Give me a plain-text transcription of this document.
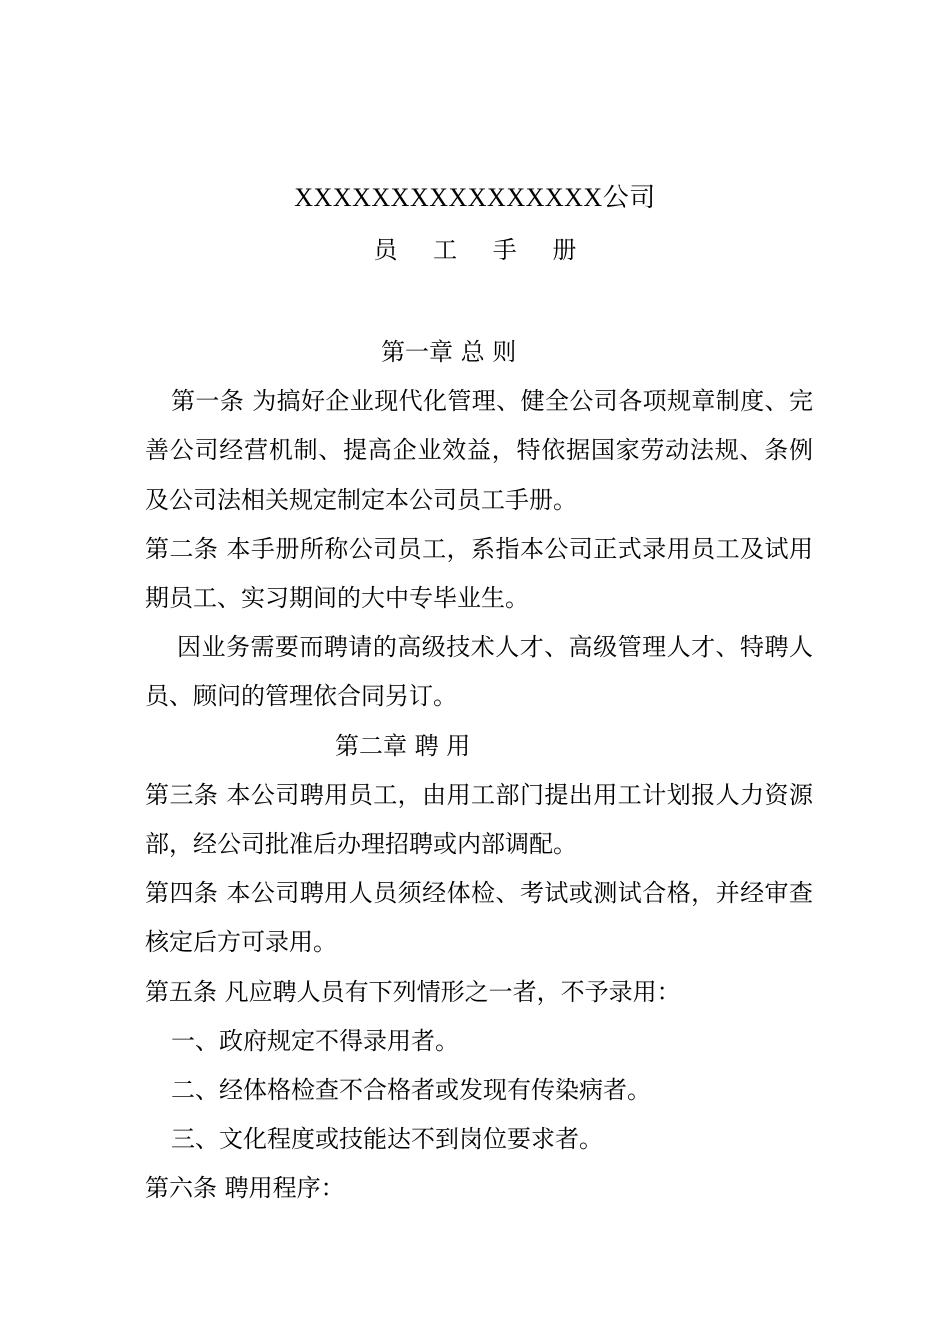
XXXXXXXXXXXXXXXX公司
员 工 手 册

第一章 总 则

第一条 为搞好企业现代化管理、健全公司各项规章制度、完善公司经营机制、提高企业效益，特依据国家劳动法规、条例及公司法相关规定制定本公司员工手册。

第二条 本手册所称公司员工，系指本公司正式录用员工及试用期员工、实习期间的大中专毕业生。

因业务需要而聘请的高级技术人才、高级管理人才、特聘人员、顾问的管理依合同另订。

第二章 聘 用

第三条 本公司聘用员工，由用工部门提出用工计划报人力资源部，经公司批准后办理招聘或内部调配。

第四条 本公司聘用人员须经体检、考试或测试合格，并经审查核定后方可录用。

第五条 凡应聘人员有下列情形之一者，不予录用：

一、政府规定不得录用者。

二、经体格检查不合格者或发现有传染病者。

三、文化程度或技能达不到岗位要求者。

第六条 聘用程序：
